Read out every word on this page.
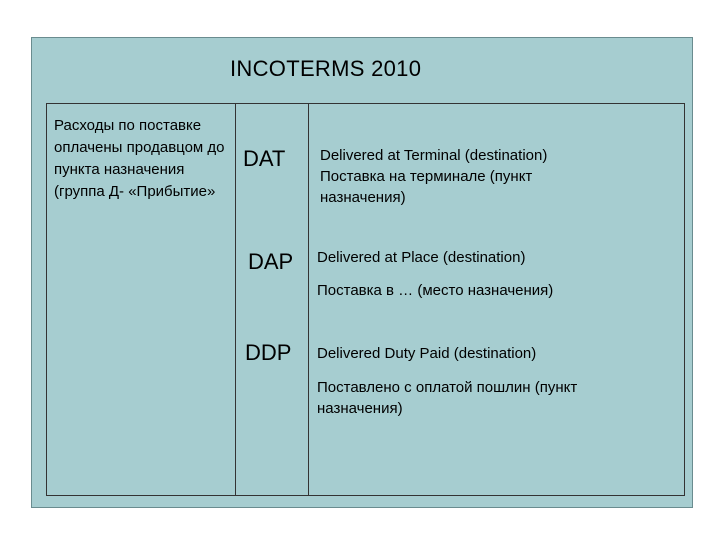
INCOTERMS 2010
Расходы по поставке оплачены продавцом до пункта назначения (группа Д- «Прибытие»
DAT Delivered at Terminal (destination)
Поставка на терминале (пункт назначения)
DAP Delivered at Place (destination)
Поставка в … (место назначения)
DDP Delivered Duty Paid (destination)
Поставлено с оплатой пошлин (пункт назначения)
